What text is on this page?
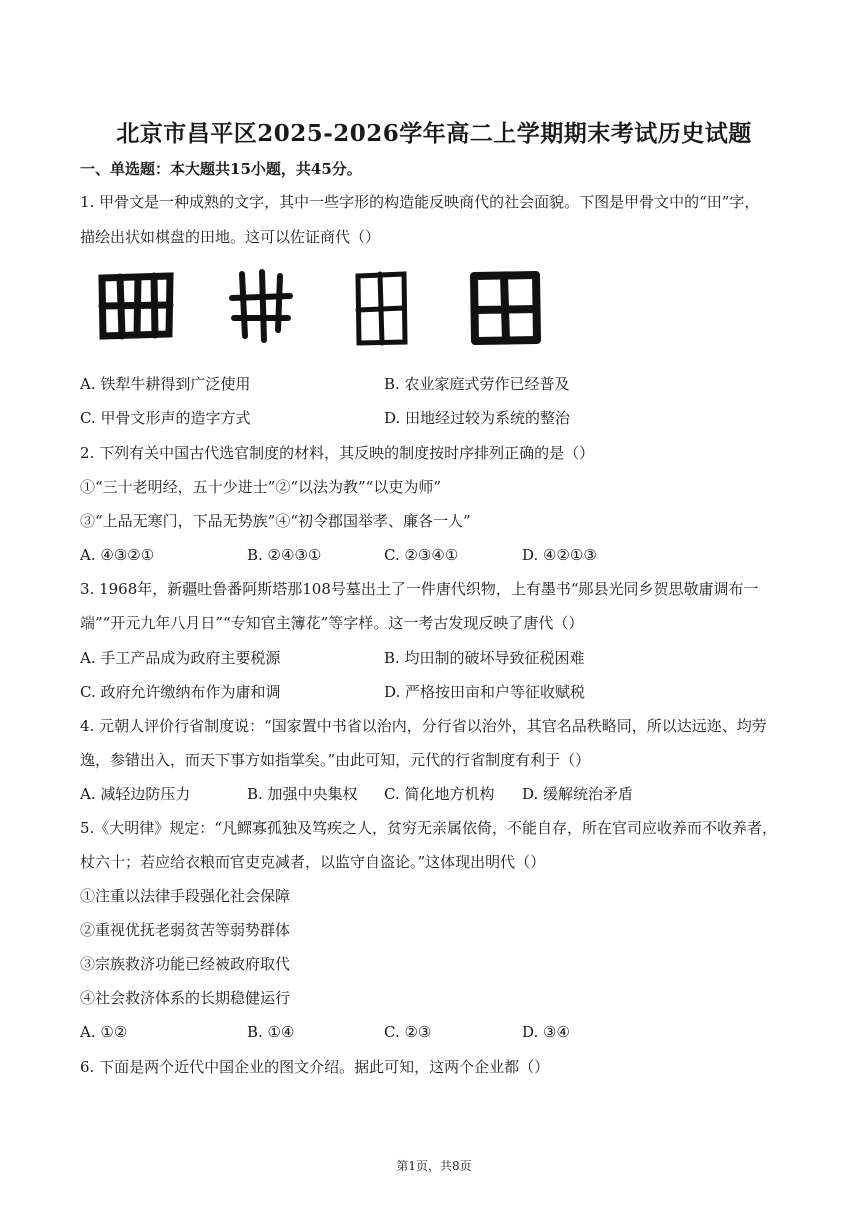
北京市昌平区2025-2026学年高二上学期期末考试历史试题
一、单选题：本大题共15小题，共45分。
1. 甲骨文是一种成熟的文字，其中一些字形的构造能反映商代的社会面貌。下图是甲骨文中的“田”字，
描绘出状如棋盘的田地。这可以佐证商代（）
A. 铁犁牛耕得到广泛使用	B. 农业家庭式劳作已经普及
C. 甲骨文形声的造字方式	D. 田地经过较为系统的整治
2. 下列有关中国古代选官制度的材料，其反映的制度按时序排列正确的是（）
①“三十老明经，五十少进士”②“以法为教”“以吏为师”
③“上品无寒门，下品无势族”④“初令郡国举孝、廉各一人”
A. ④③②①	B. ②④③①	C. ②③④①	D. ④②①③
3. 1968年，新疆吐鲁番阿斯塔那108号墓出土了一件唐代织物，上有墨书“郧县光同乡贺思敬庸调布一
端”“开元九年八月日”“专知官主簿花”等字样。这一考古发现反映了唐代（）
A. 手工产品成为政府主要税源	B. 均田制的破坏导致征税困难
C. 政府允许缴纳布作为庸和调	D. 严格按田亩和户等征收赋税
4. 元朝人评价行省制度说：“国家置中书省以治内，分行省以治外，其官名品秩略同，所以达远迩、均劳
逸，参错出入，而天下事方如指掌矣。”由此可知，元代的行省制度有利于（）
A. 减轻边防压力	B. 加强中央集权 C. 简化地方机构 D. 缓解统治矛盾
5.《大明律》规定：“凡鳏寡孤独及笃疾之人，贫穷无亲属依倚，不能自存，所在官司应收养而不收养者，
杖六十；若应给衣粮而官吏克减者，以监守自盗论。”这体现出明代（）
①注重以法律手段强化社会保障
②重视优抚老弱贫苦等弱势群体
③宗族救济功能已经被政府取代
④社会救济体系的长期稳健运行
A. ①②	B. ①④	C. ②③	D. ③④
6. 下面是两个近代中国企业的图文介绍。据此可知，这两个企业都（）
第1页，共8页
